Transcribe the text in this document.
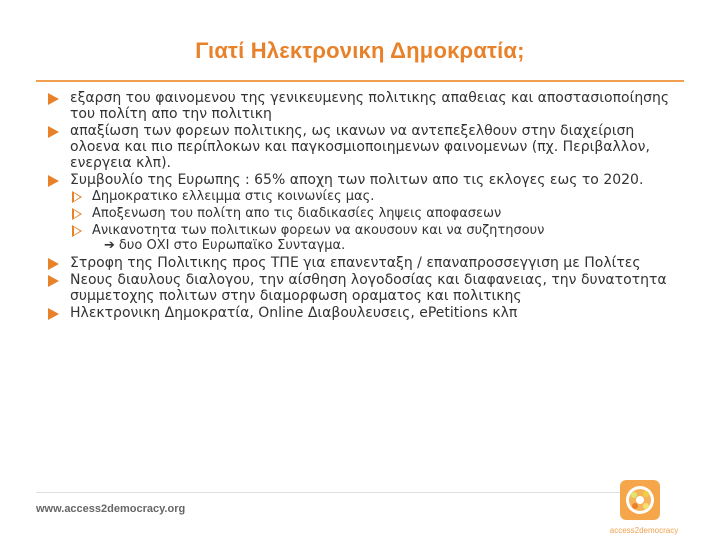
Γιατί Ηλεκτρονικη Δημοκρατία;
εξαρση του φαινομενου της γενικευμενης πολιτικης απαθειας και αποστασιοποίησης του πολίτη απο την πολιτικη
απαξίωση των φορεων πολιτικης, ως ικανων να αντεπεξελθουν στην διαχείριση ολοενα και πιο περίπλοκων και παγκοσμιοποιημενων φαινομενων (πχ. Περιβαλλον, ενεργεια κλπ).
Συμβουλίο της Ευρωπης : 65% αποχη των πολιτων απο τις εκλογες εως το 2020.
Δημοκρατικο ελλειμμα στις κοινωνίες μας.
Αποξενωση του πολίτη απο τις διαδικασίες ληψεις αποφασεων
Ανικανοτητα των πολιτικων φορεων να ακουσουν και να συζητησουν
➔ δυο ΟΧΙ στο Ευρωπαϊκο Συνταγμα.
Στροφη της Πολιτικης προς ΤΠΕ για επανενταξη / επαναπροσσεγγιση με Πολίτες
Νεους διαυλους διαλογου, την αίσθηση λογοδοσίας και διαφανειας, την δυνατοτητα συμμετοχης πολιτων στην διαμορφωση οραματος και πολιτικης
Ηλεκτρονικη Δημοκρατία, Online Διαβουλευσεις, ePetitions κλπ
www.access2democracy.org
access2democracy
